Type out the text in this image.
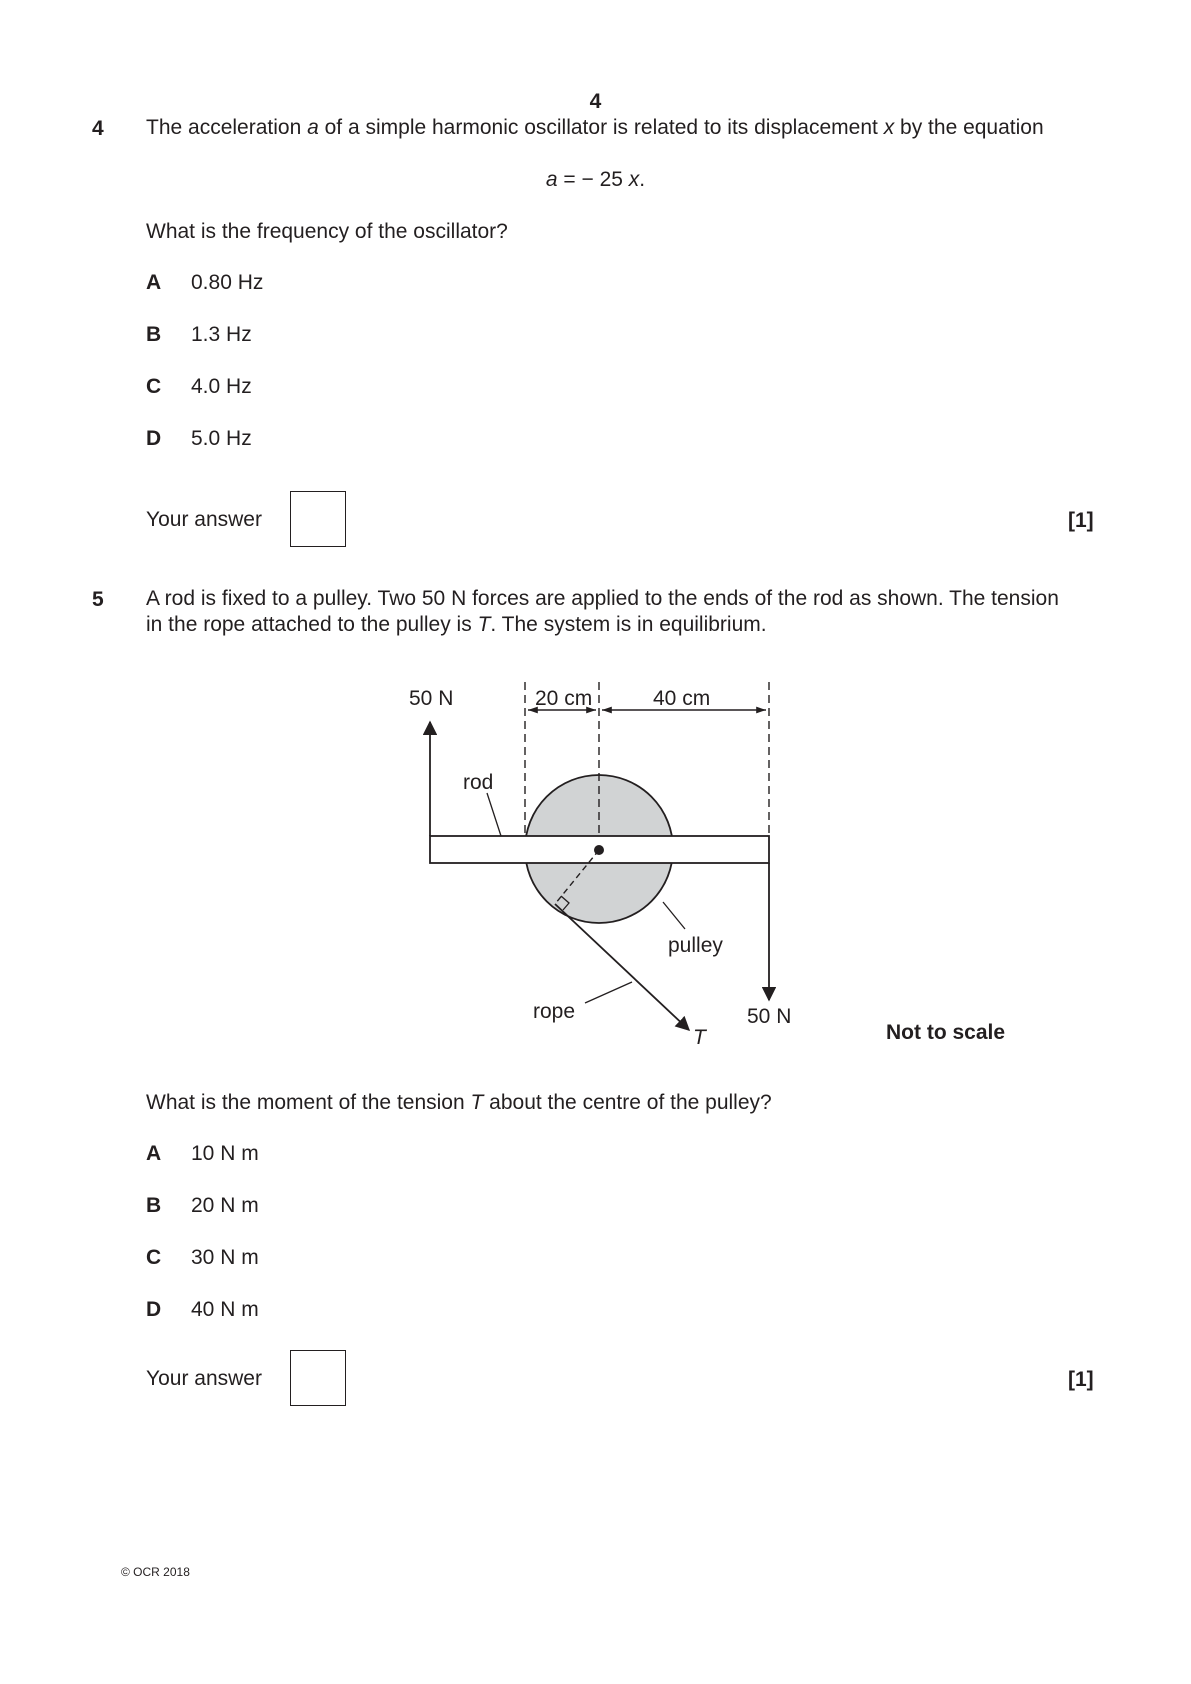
4
4 The acceleration a of a simple harmonic oscillator is related to its displacement x by the equation
a = − 25 x.
What is the frequency of the oscillator?
A 0.80 Hz
B 1.3 Hz
C 4.0 Hz
D 5.0 Hz
Your answer	[1]
5 A rod is fixed to a pulley. Two 50 N forces are applied to the ends of the rod as shown. The tension
in the rope attached to the pulley is T. The system is in equilibrium.
50 N	20 cm	40 cm
rod
pulley
rope
T
50 N
Not to scale
What is the moment of the tension T about the centre of the pulley?
A 10 N m
B 20 N m
C 30 N m
D 40 N m
Your answer	[1]
© OCR 2018
